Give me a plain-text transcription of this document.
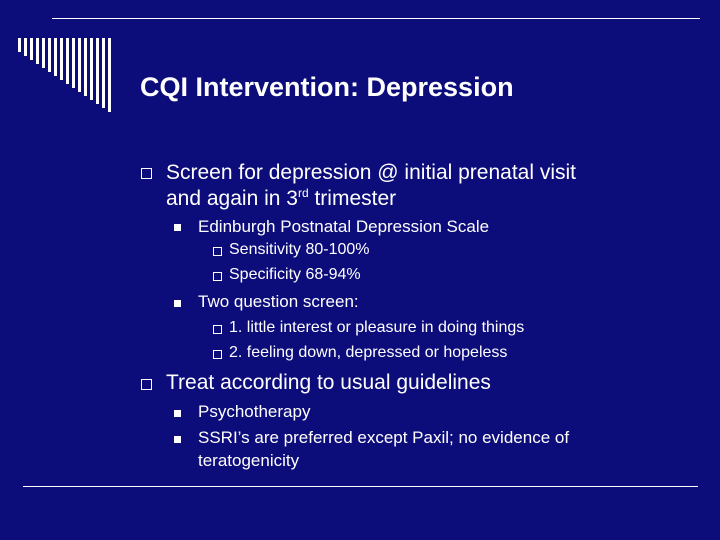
CQI Intervention: Depression
Screen for depression @ initial prenatal visit
and again in 3rd trimester
Edinburgh Postnatal Depression Scale
Sensitivity 80-100%
Specificity 68-94%
Two question screen:
1. little interest or pleasure in doing things
2. feeling down, depressed or hopeless
Treat according to usual guidelines
Psychotherapy
SSRI’s are preferred except Paxil; no evidence of
teratogenicity
